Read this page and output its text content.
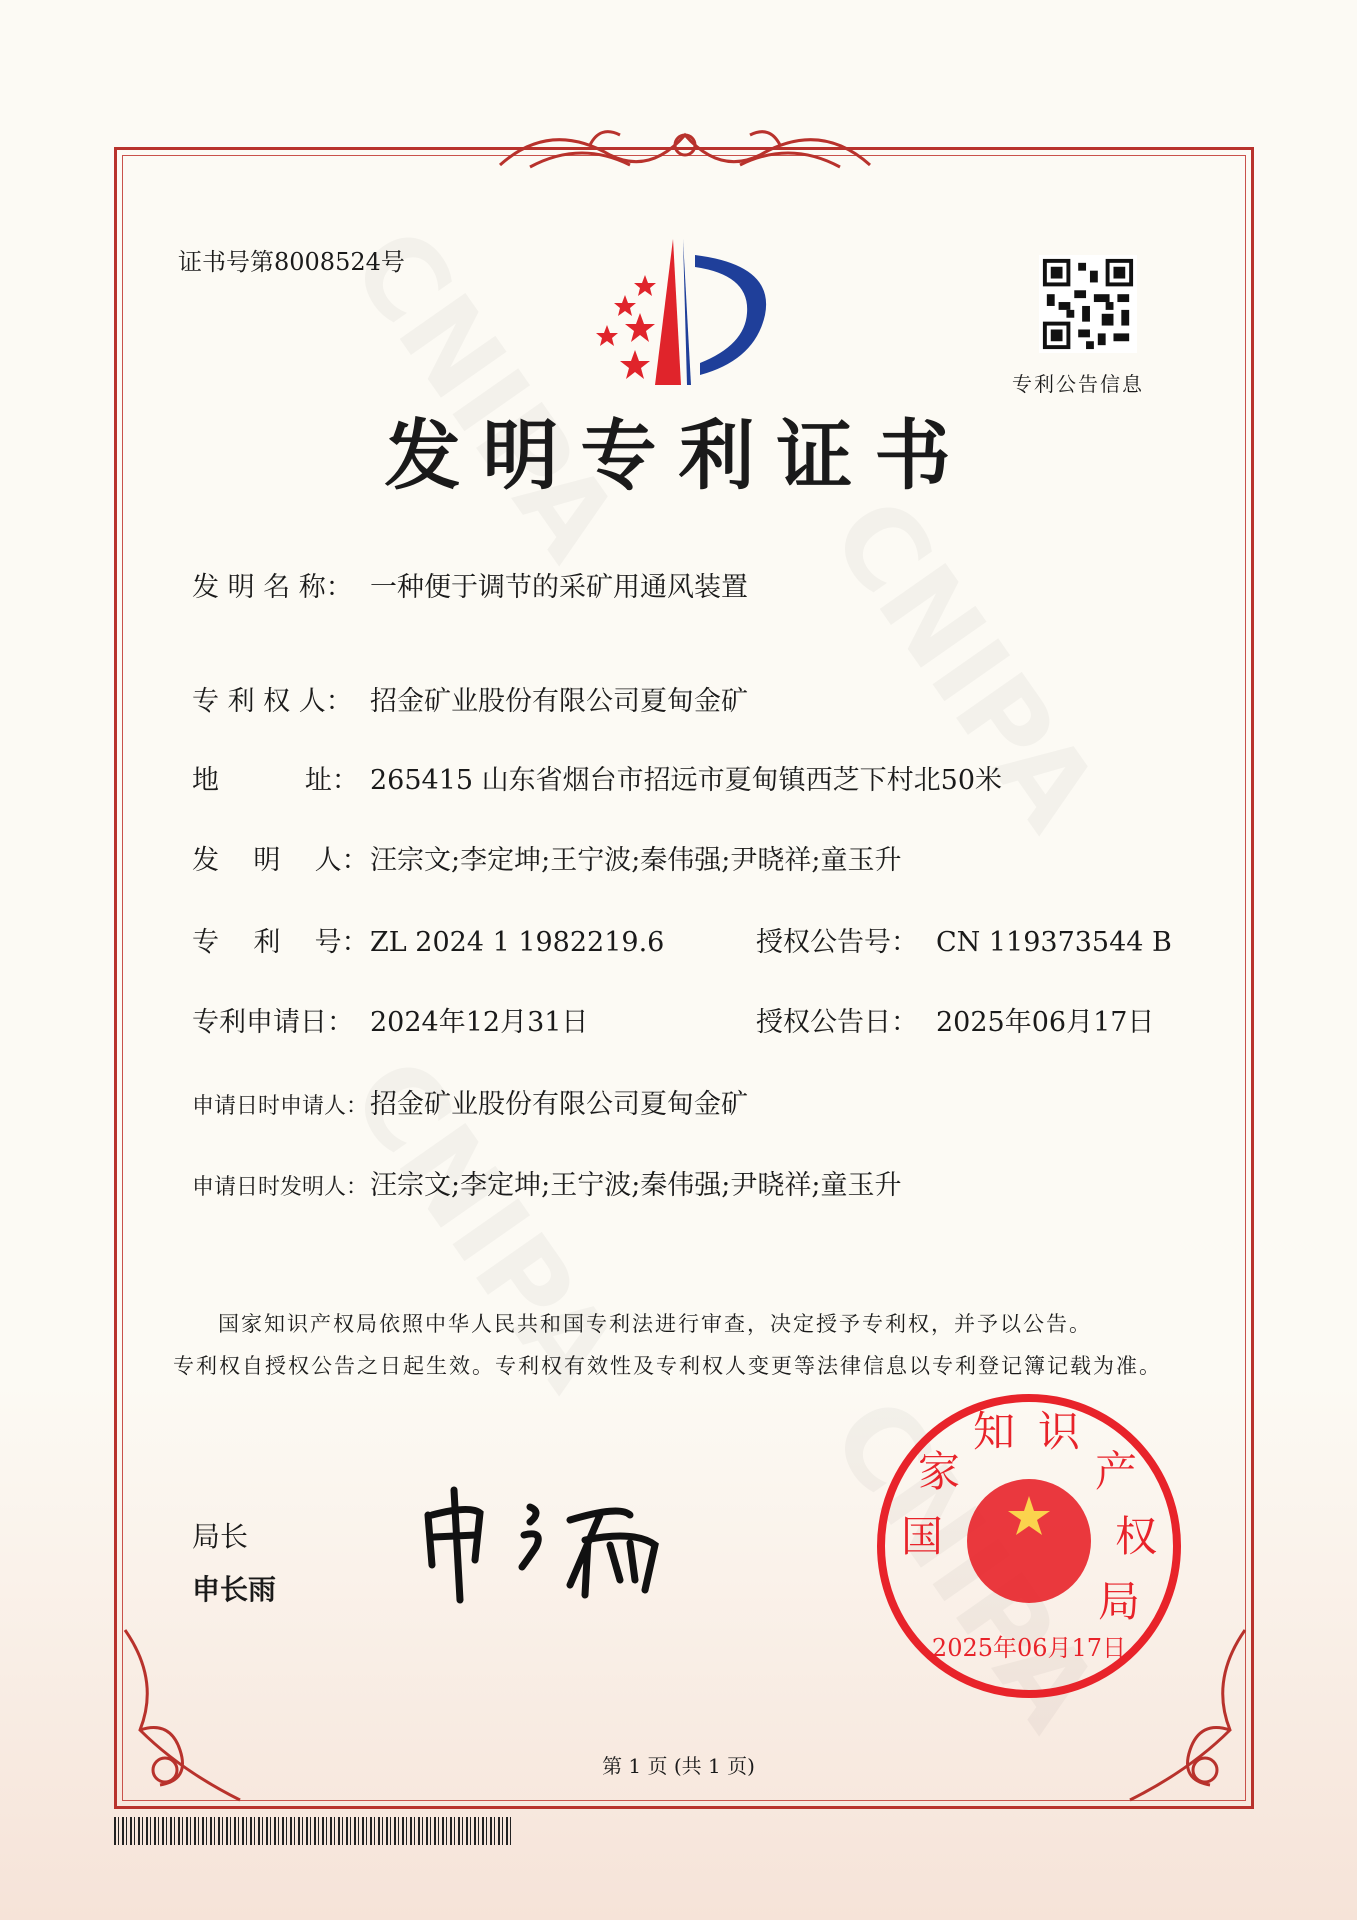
证书号第8008524号
专利公告信息
发明专利证书
发 明 名 称： 一种便于调节的采矿用通风装置
专 利 权 人： 招金矿业股份有限公司夏甸金矿
地          址： 265415 山东省烟台市招远市夏甸镇西芝下村北50米
发    明    人：汪宗文;李定坤;王宁波;秦伟强;尹晓祥;童玉升
专    利    号：ZL 2024 1 1982219.6
专利申请日： 2024年12月31日
申请日时申请人：招金矿业股份有限公司夏甸金矿
申请日时发明人：汪宗文;李定坤;王宁波;秦伟强;尹晓祥;童玉升
授权公告号： CN 119373544 B
授权公告日： 2025年06月17日
国家知识产权局依照中华人民共和国专利法进行审查，决定授予专利权，并予以公告。
专利权自授权公告之日起生效。专利权有效性及专利权人变更等法律信息以专利登记簿记载为准。
局长
申长雨
国
家
知 识
产
权
局
2025年06月17日
第 1 页 (共 1 页)
